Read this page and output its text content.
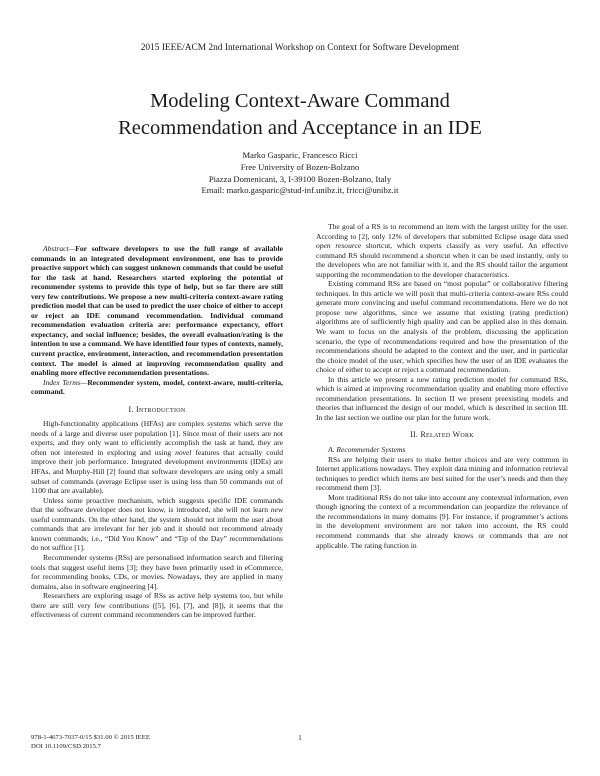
2015 IEEE/ACM 2nd International Workshop on Context for Software Development
Modeling Context-Aware Command
Recommendation and Acceptance in an IDE
Marko Gasparic, Francesco Ricci
Free University of Bozen-Bolzano
Piazza Domenicani, 3, I-39100 Bozen-Bolzano, Italy
Email: marko.gasparic@stud-inf.unibz.it, fricci@unibz.it

Abstract—For software developers to use the full range of available commands in an integrated development environment, one has to provide proactive support which can suggest unknown commands that could be useful for the task at hand. Researchers started exploring the potential of recommender systems to provide this type of help, but so far there are still very few contributions. We propose a new multi-criteria context-aware rating prediction model that can be used to predict the user choice of either to accept or reject an IDE command recommendation. Individual command recommendation evaluation criteria are: performance expectancy, effort expectancy, and social influence; besides, the overall evaluation/rating is the intention to use a command. We have identified four types of contexts, namely, current practice, environment, interaction, and recommendation presentation context. The model is aimed at improving recommendation quality and enabling more effective recommendation presentations.

Index Terms—Recommender system, model, context-aware, multi-criteria, command.

I. Introduction

High-functionality applications (HFAs) are complex systems which serve the needs of a large and diverse user population [1]. Since most of their users are not experts, and they only want to efficiently accomplish the task at hand, they are often not interested in exploring and using novel features that actually could improve their job performance. Integrated development environments (IDEs) are HFAs, and Murphy-Hill [2] found that software developers are using only a small subset of commands (average Eclipse user is using less than 50 commands out of 1100 that are available).

Unless some proactive mechanism, which suggests specific IDE commands that the software developer does not know, is introduced, she will not learn new useful commands. On the other hand, the system should not inform the user about commands that are irrelevant for her job and it should not recommend already known commands; i.e., “Did You Know” and “Tip of the Day” recommendations do not suffice [1].

Recommender systems (RSs) are personalised information search and filtering tools that suggest useful items [3]; they have been primarily used in eCommerce, for recommending books, CDs, or movies. Nowadays, they are applied in many domains, also in software engineering [4].

Researchers are exploring usage of RSs as active help systems too, but while there are still very few contributions ([5], [6], [7], and [8]), it seems that the effectiveness of current command recommenders can be improved further.

The goal of a RS is to recommend an item with the largest utility for the user. According to [2], only 12% of developers that submitted Eclipse usage data used open resource shortcut, which experts classify as very useful. An effective command RS should recommend a shortcut when it can be used instantly, only to the developers who are not familiar with it, and the RS should tailor the argument supporting the recommendation to the developer characteristics.

Existing command RSs are based on “most popular” or collaborative filtering techniques. In this article we will posit that multi-criteria context-aware RSs could generate more convincing and useful command recommendations. Here we do not propose new algorithms, since we assume that existing (rating prediction) algorithms are of sufficiently high quality and can be applied also in this domain. We want to focus on the analysis of the problem, discussing the application scenario, the type of recommendations required and how the presentation of the recommendations should be adapted to the context and the user, and in particular the choice model of the user, which specifies how the user of an IDE evaluates the choice of either to accept or reject a command recommendation.

In this article we present a new rating prediction model for command RSs, which is aimed at improving recommendation quality and enabling more effective recommendation presentations. In section II we present preexisting models and theories that influenced the design of our model, which is described in section III. In the last section we outline our plan for the future work.

II. Related Work

A. Recommender Systems

RSs are helping their users to make better choices and are very common in Internet applications nowadays. They exploit data mining and information retrieval techniques to predict which items are best suited for the user’s needs and then they recommend them [3].

More traditional RSs do not take into account any contextual information, even though ignoring the context of a recommendation can jeopardize the relevance of the recommendations in many domains [9]. For instance, if programmer’s actions in the development environment are not taken into account, the RS could recommend commands that she already knows or commands that are not applicable. The rating function in

978-1-4673-7037-0/15 $31.00 © 2015 IEEE
DOI 10.1109/CSD.2015.7
1
